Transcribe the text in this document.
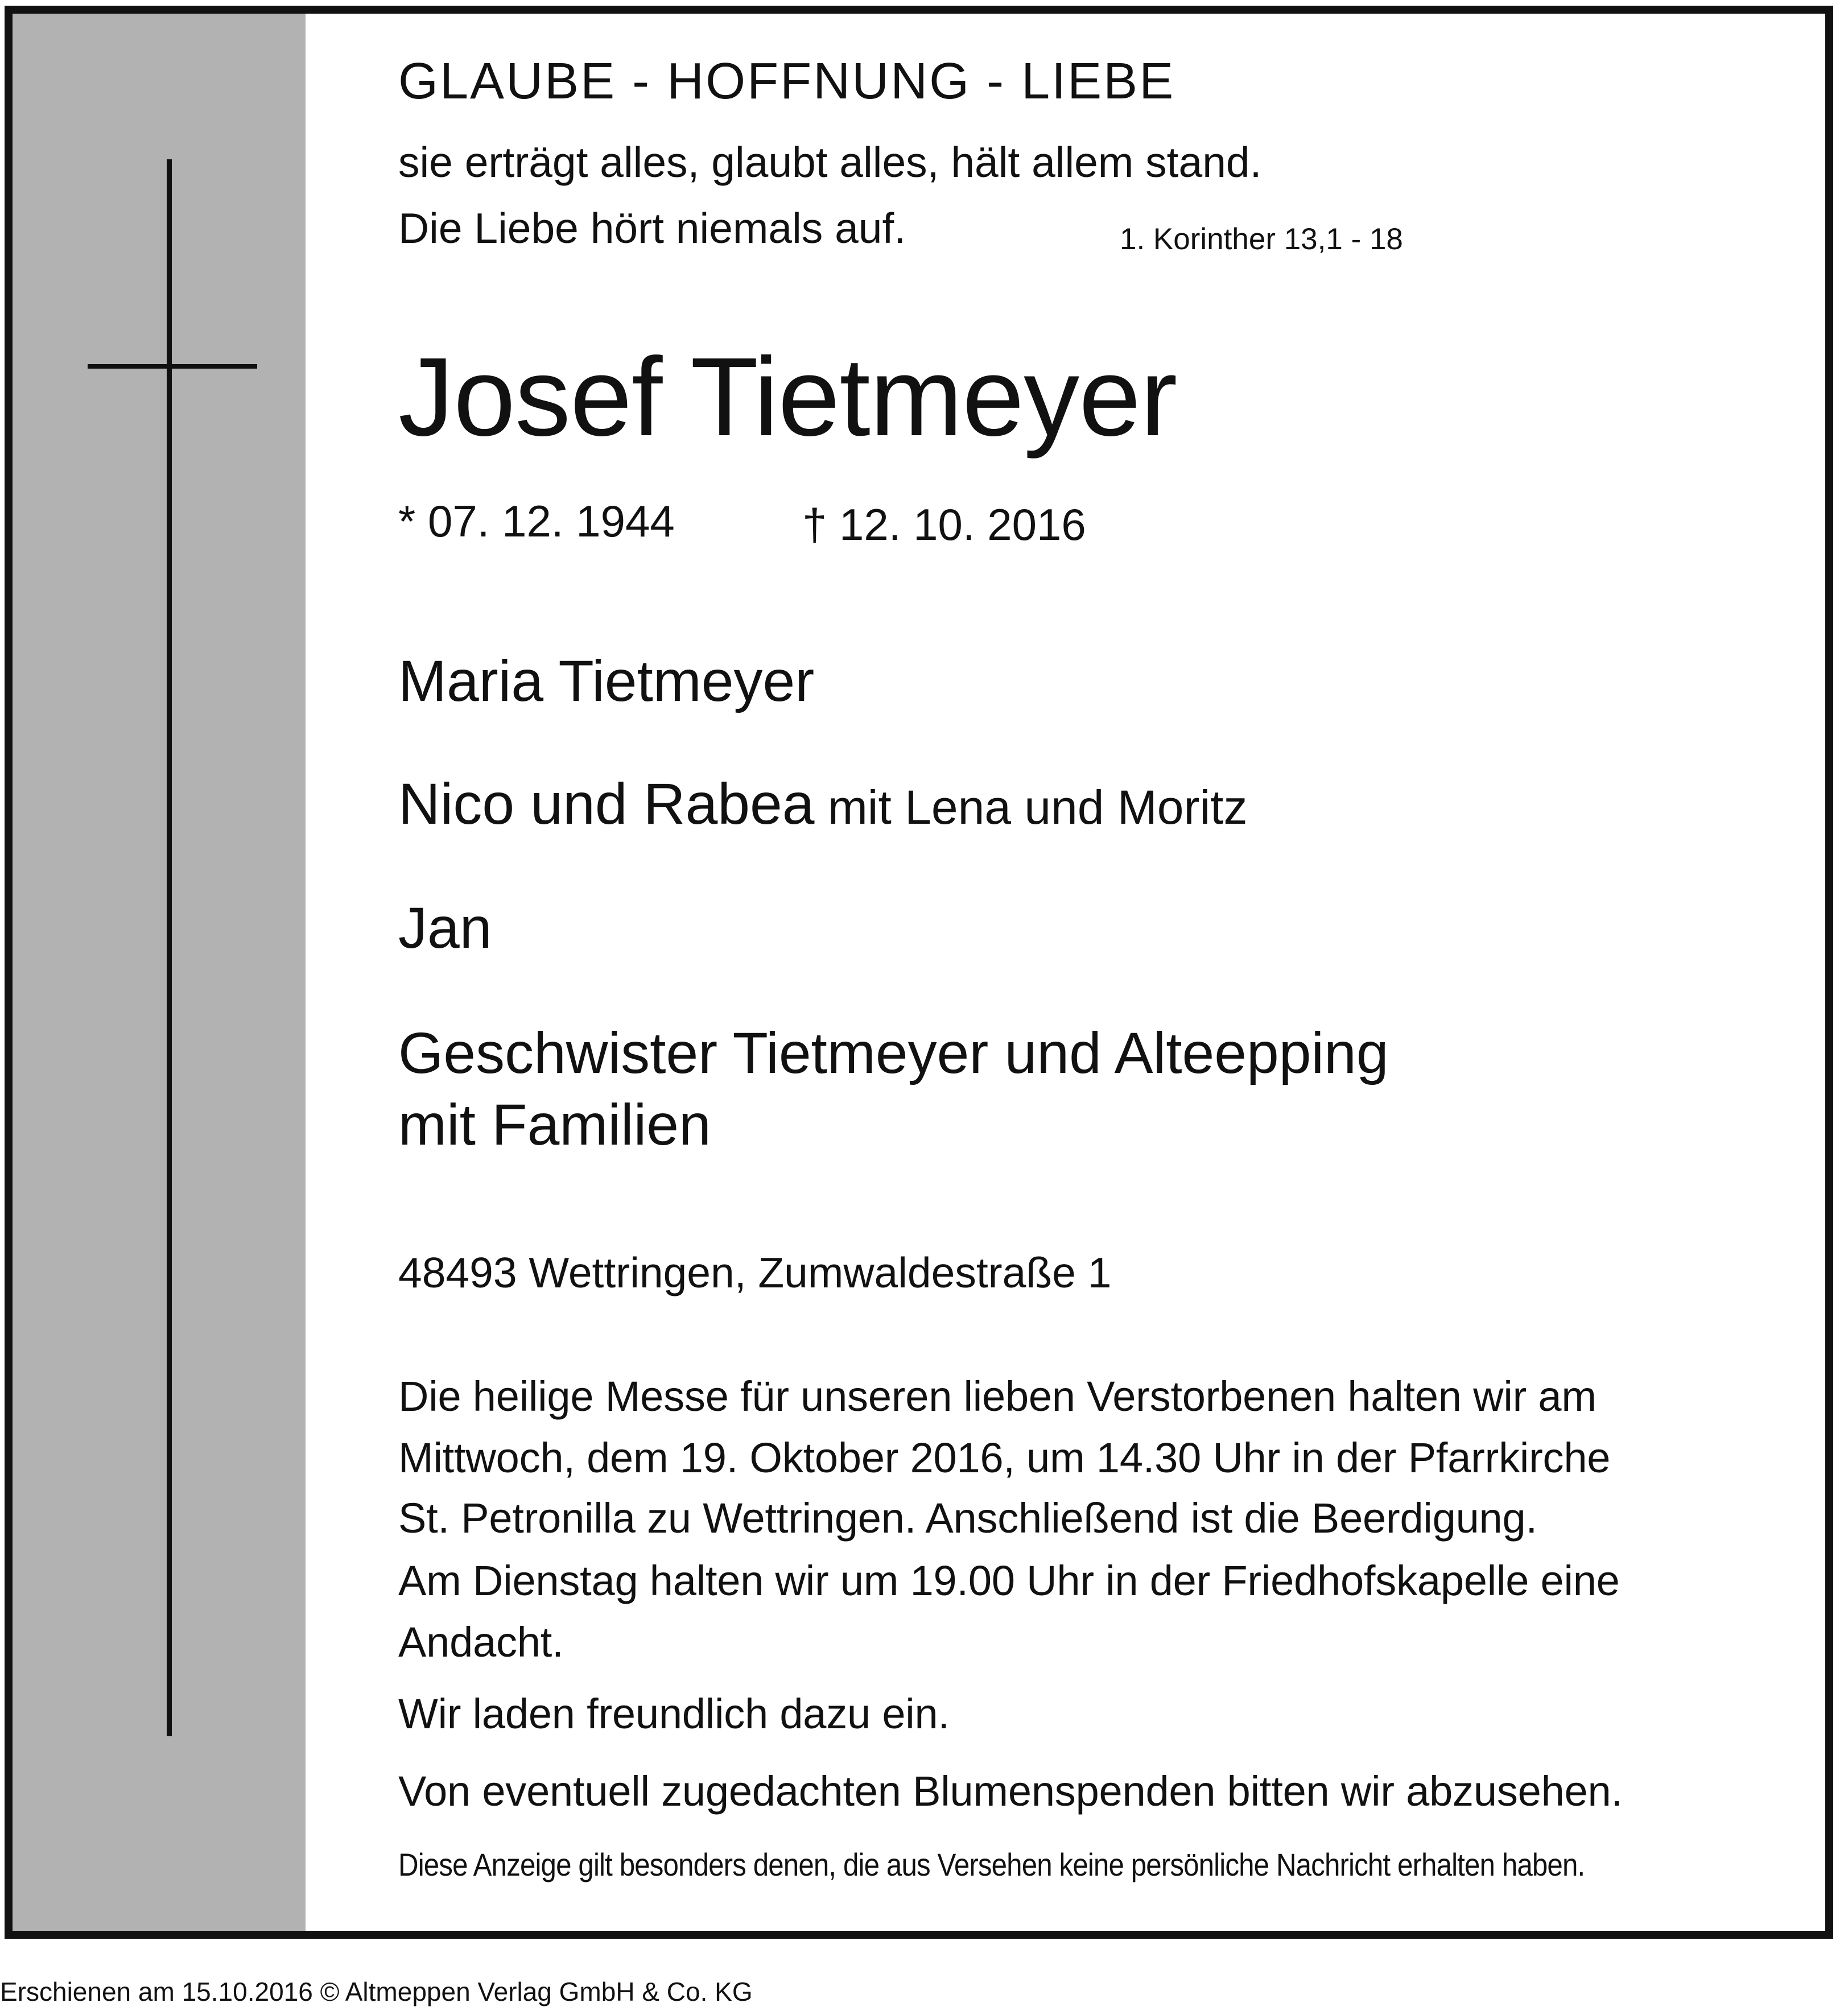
GLAUBE - HOFFNUNG - LIEBE
sie erträgt alles, glaubt alles, hält allem stand.
Die Liebe hört niemals auf.	1. Korinther 13,1 - 18
Josef Tietmeyer
* 07. 12. 1944	† 12. 10. 2016
Maria Tietmeyer
Nico und Rabea mit Lena und Moritz
Jan
Geschwister Tietmeyer und Alteepping
mit Familien
48493 Wettringen, Zumwaldestraße 1
Die heilige Messe für unseren lieben Verstorbenen halten wir am
Mittwoch, dem 19. Oktober 2016, um 14.30 Uhr in der Pfarrkirche
St. Petronilla zu Wettringen. Anschließend ist die Beerdigung.
Am Dienstag halten wir um 19.00 Uhr in der Friedhofskapelle eine
Andacht.
Wir laden freundlich dazu ein.
Von eventuell zugedachten Blumenspenden bitten wir abzusehen.
Diese Anzeige gilt besonders denen, die aus Versehen keine persönliche Nachricht erhalten haben.
Erschienen am 15.10.2016 © Altmeppen Verlag GmbH & Co. KG
